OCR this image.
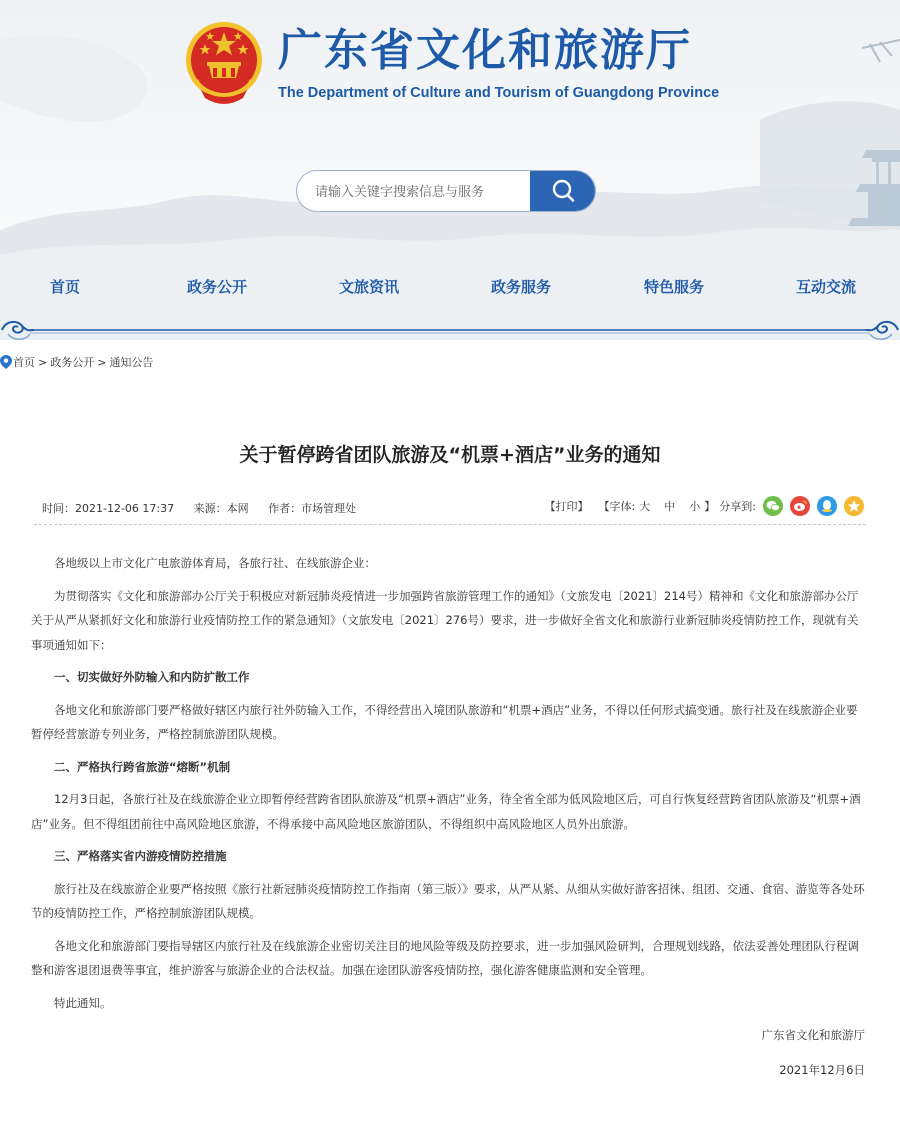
广东省文化和旅游厅
The Department of Culture and Tourism of Guangdong Province
请输入关键字搜索信息与服务
首页	政务公开	文旅资讯	政务服务	特色服务	互动交流
首页 > 政务公开 > 通知公告
关于暂停跨省团队旅游及“机票+酒店”业务的通知
时间：2021-12-06 17:37 来源：本网 作者：市场管理处	【打印】 【字体: 大 中 小 】 分享到:

各地级以上市文化广电旅游体育局，各旅行社、在线旅游企业：

为贯彻落实《文化和旅游部办公厅关于积极应对新冠肺炎疫情进一步加强跨省旅游管理工作的通知》（文旅发电〔2021〕214号）精神和《文化和旅游部办公厅关于从严从紧抓好文化和旅游行业疫情防控工作的紧急通知》（文旅发电〔2021〕276号）要求，进一步做好全省文化和旅游行业新冠肺炎疫情防控工作，现就有关事项通知如下：

一、切实做好外防输入和内防扩散工作

各地文化和旅游部门要严格做好辖区内旅行社外防输入工作，不得经营出入境团队旅游和“机票+酒店”业务，不得以任何形式搞变通。旅行社及在线旅游企业要暂停经营旅游专列业务，严格控制旅游团队规模。

二、严格执行跨省旅游“熔断”机制

12月3日起，各旅行社及在线旅游企业立即暂停经营跨省团队旅游及“机票+酒店”业务，待全省全部为低风险地区后，可自行恢复经营跨省团队旅游及“机票+酒店”业务。但不得组团前往中高风险地区旅游，不得承接中高风险地区旅游团队，不得组织中高风险地区人员外出旅游。

三、严格落实省内游疫情防控措施

旅行社及在线旅游企业要严格按照《旅行社新冠肺炎疫情防控工作指南（第三版）》要求，从严从紧、从细从实做好游客招徕、组团、交通、食宿、游览等各处环节的疫情防控工作，严格控制旅游团队规模。

各地文化和旅游部门要指导辖区内旅行社及在线旅游企业密切关注目的地风险等级及防控要求，进一步加强风险研判，合理规划线路，依法妥善处理团队行程调整和游客退团退费等事宜，维护游客与旅游企业的合法权益。加强在途团队游客疫情防控，强化游客健康监测和安全管理。

特此通知。

广东省文化和旅游厅

2021年12月6日
